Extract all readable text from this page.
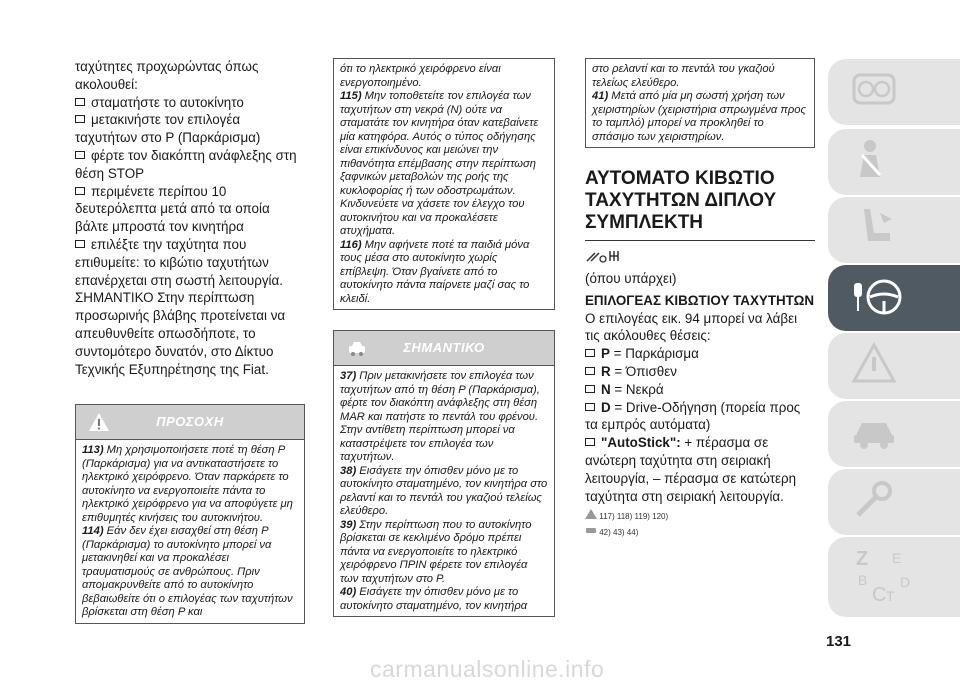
ταχύτητες προχωρώντας όπως ακολουθεί:

σταματήστε το αυτοκίνητο

μετακινήστε τον επιλογέα ταχυτήτων στο P (Παρκάρισμα)

φέρτε τον διακόπτη ανάφλεξης στη θέση STOP

περιμένετε περίπου 10 δευτερόλεπτα μετά από τα οποία βάλτε μπροστά τον κινητήρα

επιλέξτε την ταχύτητα που επιθυμείτε: το κιβώτιο ταχυτήτων επανέρχεται στη σωστή λειτουργία.

ΣΗΜΑΝΤΙΚΟ Στην περίπτωση προσωρινής βλάβης προτείνεται να απευθυνθείτε οπωσδήποτε, το συντομότερο δυνατόν, στο Δίκτυο Τεχνικής Εξυπηρέτησης της Fiat.

ΠΡΟΣΟΧΗ
113) Μη χρησιμοποιήσετε ποτέ τη θέση P (Παρκάρισμα) για να αντικαταστήσετε το ηλεκτρικό χειρόφρενο. Όταν παρκάρετε το αυτοκίνητο να ενεργοποιείτε πάντα το ηλεκτρικό χειρόφρενο για να αποφύγετε μη επιθυμητές κινήσεις του αυτοκινήτου.
114) Εάν δεν έχει εισαχθεί στη θέση P (Παρκάρισμα) το αυτοκίνητο μπορεί να μετακινηθεί και να προκαλέσει τραυματισμούς σε ανθρώπους. Πριν απομακρυνθείτε από το αυτοκίνητο βεβαιωθείτε ότι ο επιλογέας των ταχυτήτων βρίσκεται στη θέση P και
ότι το ηλεκτρικό χειρόφρενο είναι ενεργοποιημένο.
115) Μην τοποθετείτε τον επιλογέα των ταχυτήτων στη νεκρά (N) ούτε να σταματάτε τον κινητήρα όταν κατεβαίνετε μία κατηφόρα. Αυτός ο τύπος οδήγησης είναι επικίνδυνος και μειώνει την πιθανότητα επέμβασης στην περίπτωση ξαφνικών μεταβολών της ροής της κυκλοφορίας ή των οδοστρωμάτων. Κινδυνεύετε να χάσετε τον έλεγχο του αυτοκινήτου και να προκαλέσετε ατυχήματα.
116) Μην αφήνετε ποτέ τα παιδιά μόνα τους μέσα στο αυτοκίνητο χωρίς επίβλεψη. Όταν βγαίνετε από το αυτοκίνητο πάντα παίρνετε μαζί σας το κλειδί.
ΣΗΜΑΝΤΙΚΟ
37) Πριν μετακινήσετε τον επιλογέα των ταχυτήτων από τη θέση P (Παρκάρισμα), φέρτε τον διακόπτη ανάφλεξης στη θέση MAR και πατήστε το πεντάλ του φρένου. Στην αντίθετη περίπτωση μπορεί να καταστρέψετε τον επιλογέα των ταχυτήτων.
38) Εισάγετε την όπισθεν μόνο με το αυτοκίνητο σταματημένο, τον κινητήρα στο ρελαντί και το πεντάλ του γκαζιού τελείως ελεύθερο.
39) Στην περίπτωση που το αυτοκίνητο βρίσκεται σε κεκλιμένο δρόμο πρέπει πάντα να ενεργοποιείτε το ηλεκτρικό χειρόφρενο ΠΡΙΝ φέρετε τον επιλογέα των ταχυτήτων στο P.
40) Εισάγετε την όπισθεν μόνο με το αυτοκίνητο σταματημένο, τον κινητήρα
στο ρελαντί και το πεντάλ του γκαζιού τελείως ελεύθερο.
41) Μετά από μία μη σωστή χρήση των χειριστηρίων (χειριστήρια σπρωγμένα προς το ταμπλό) μπορεί να προκληθεί το σπάσιμο των χειριστηρίων.

ΑΥΤΟΜΑΤΟ ΚΙΒΩΤΙΟ ΤΑΧΥΤΗΤΩΝ ΔΙΠΛΟΥ ΣΥΜΠΛΕΚΤΗ

(όπου υπάρχει)

ΕΠΙΛΟΓΕΑΣ ΚΙΒΩΤΙΟΥ ΤΑΧΥΤΗΤΩΝ

Ο επιλογέας εικ. 94 μπορεί να λάβει τις ακόλουθες θέσεις:

P = Παρκάρισμα

R = Όπισθεν

N = Νεκρά

D = Drive-Οδήγηση (πορεία προς τα εμπρός αυτόματα)

"AutoStick": + πέρασμα σε ανώτερη ταχύτητα στη σειριακή λειτουργία, – πέρασμα σε κατώτερη ταχύτητα στη σειριακή λειτουργία.

117) 118) 119) 120)
42) 43) 44)
Z E
B
C T
D
131
carmanualsonline.info
